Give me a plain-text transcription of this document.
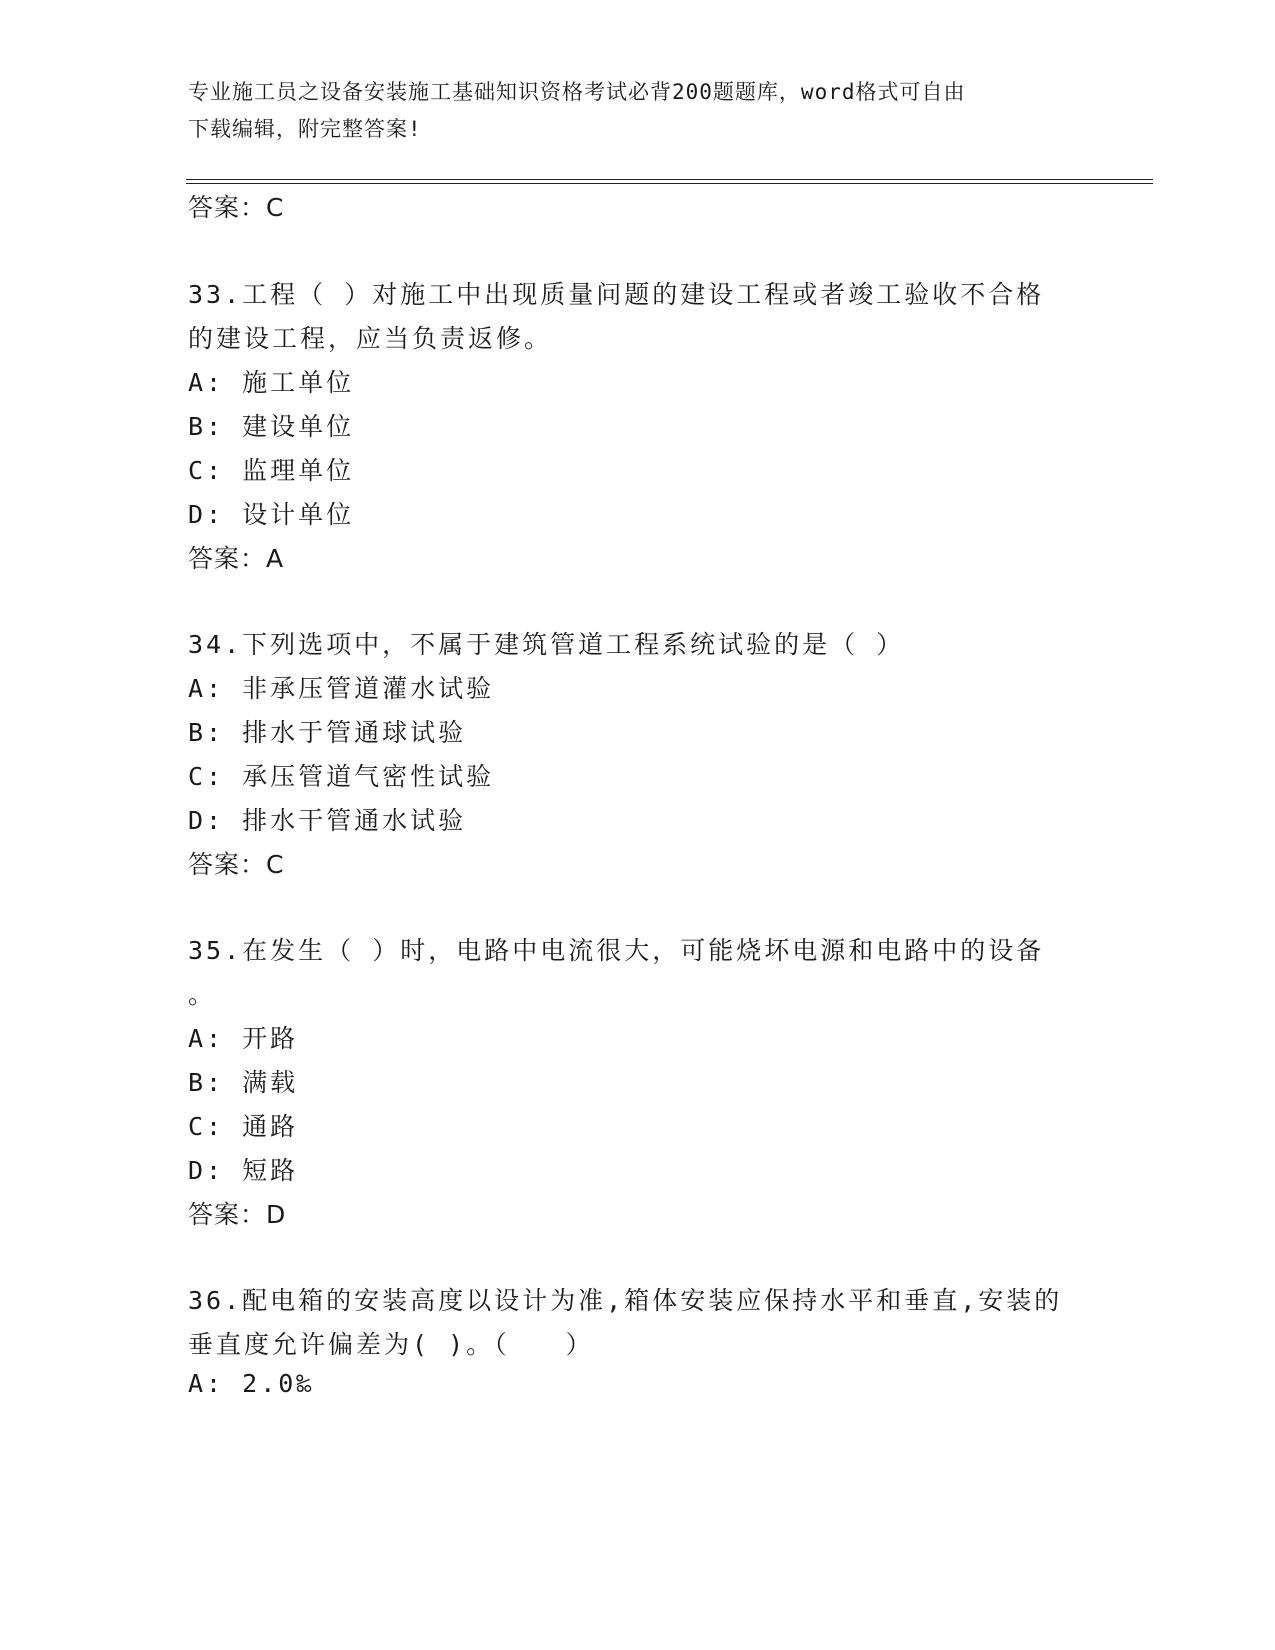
专业施工员之设备安装施工基础知识资格考试必背200题题库，word格式可自由
下载编辑，附完整答案!
答案：C
33.工程（ ）对施工中出现质量问题的建设工程或者竣工验收不合格
的建设工程，应当负责返修。
A: 施工单位
B: 建设单位
C: 监理单位
D: 设计单位
答案：A
34.下列选项中，不属于建筑管道工程系统试验的是（ ）
A: 非承压管道灌水试验
B: 排水于管通球试验
C: 承压管道气密性试验
D: 排水干管通水试验
答案：C
35.在发生（ ）时，电路中电流很大，可能烧坏电源和电路中的设备
。
A: 开路
B: 满载
C: 通路
D: 短路
答案：D
36.配电箱的安装高度以设计为准,箱体安装应保持水平和垂直,安装的
垂直度允许偏差为( )。（　　）
A: 2.0‰
